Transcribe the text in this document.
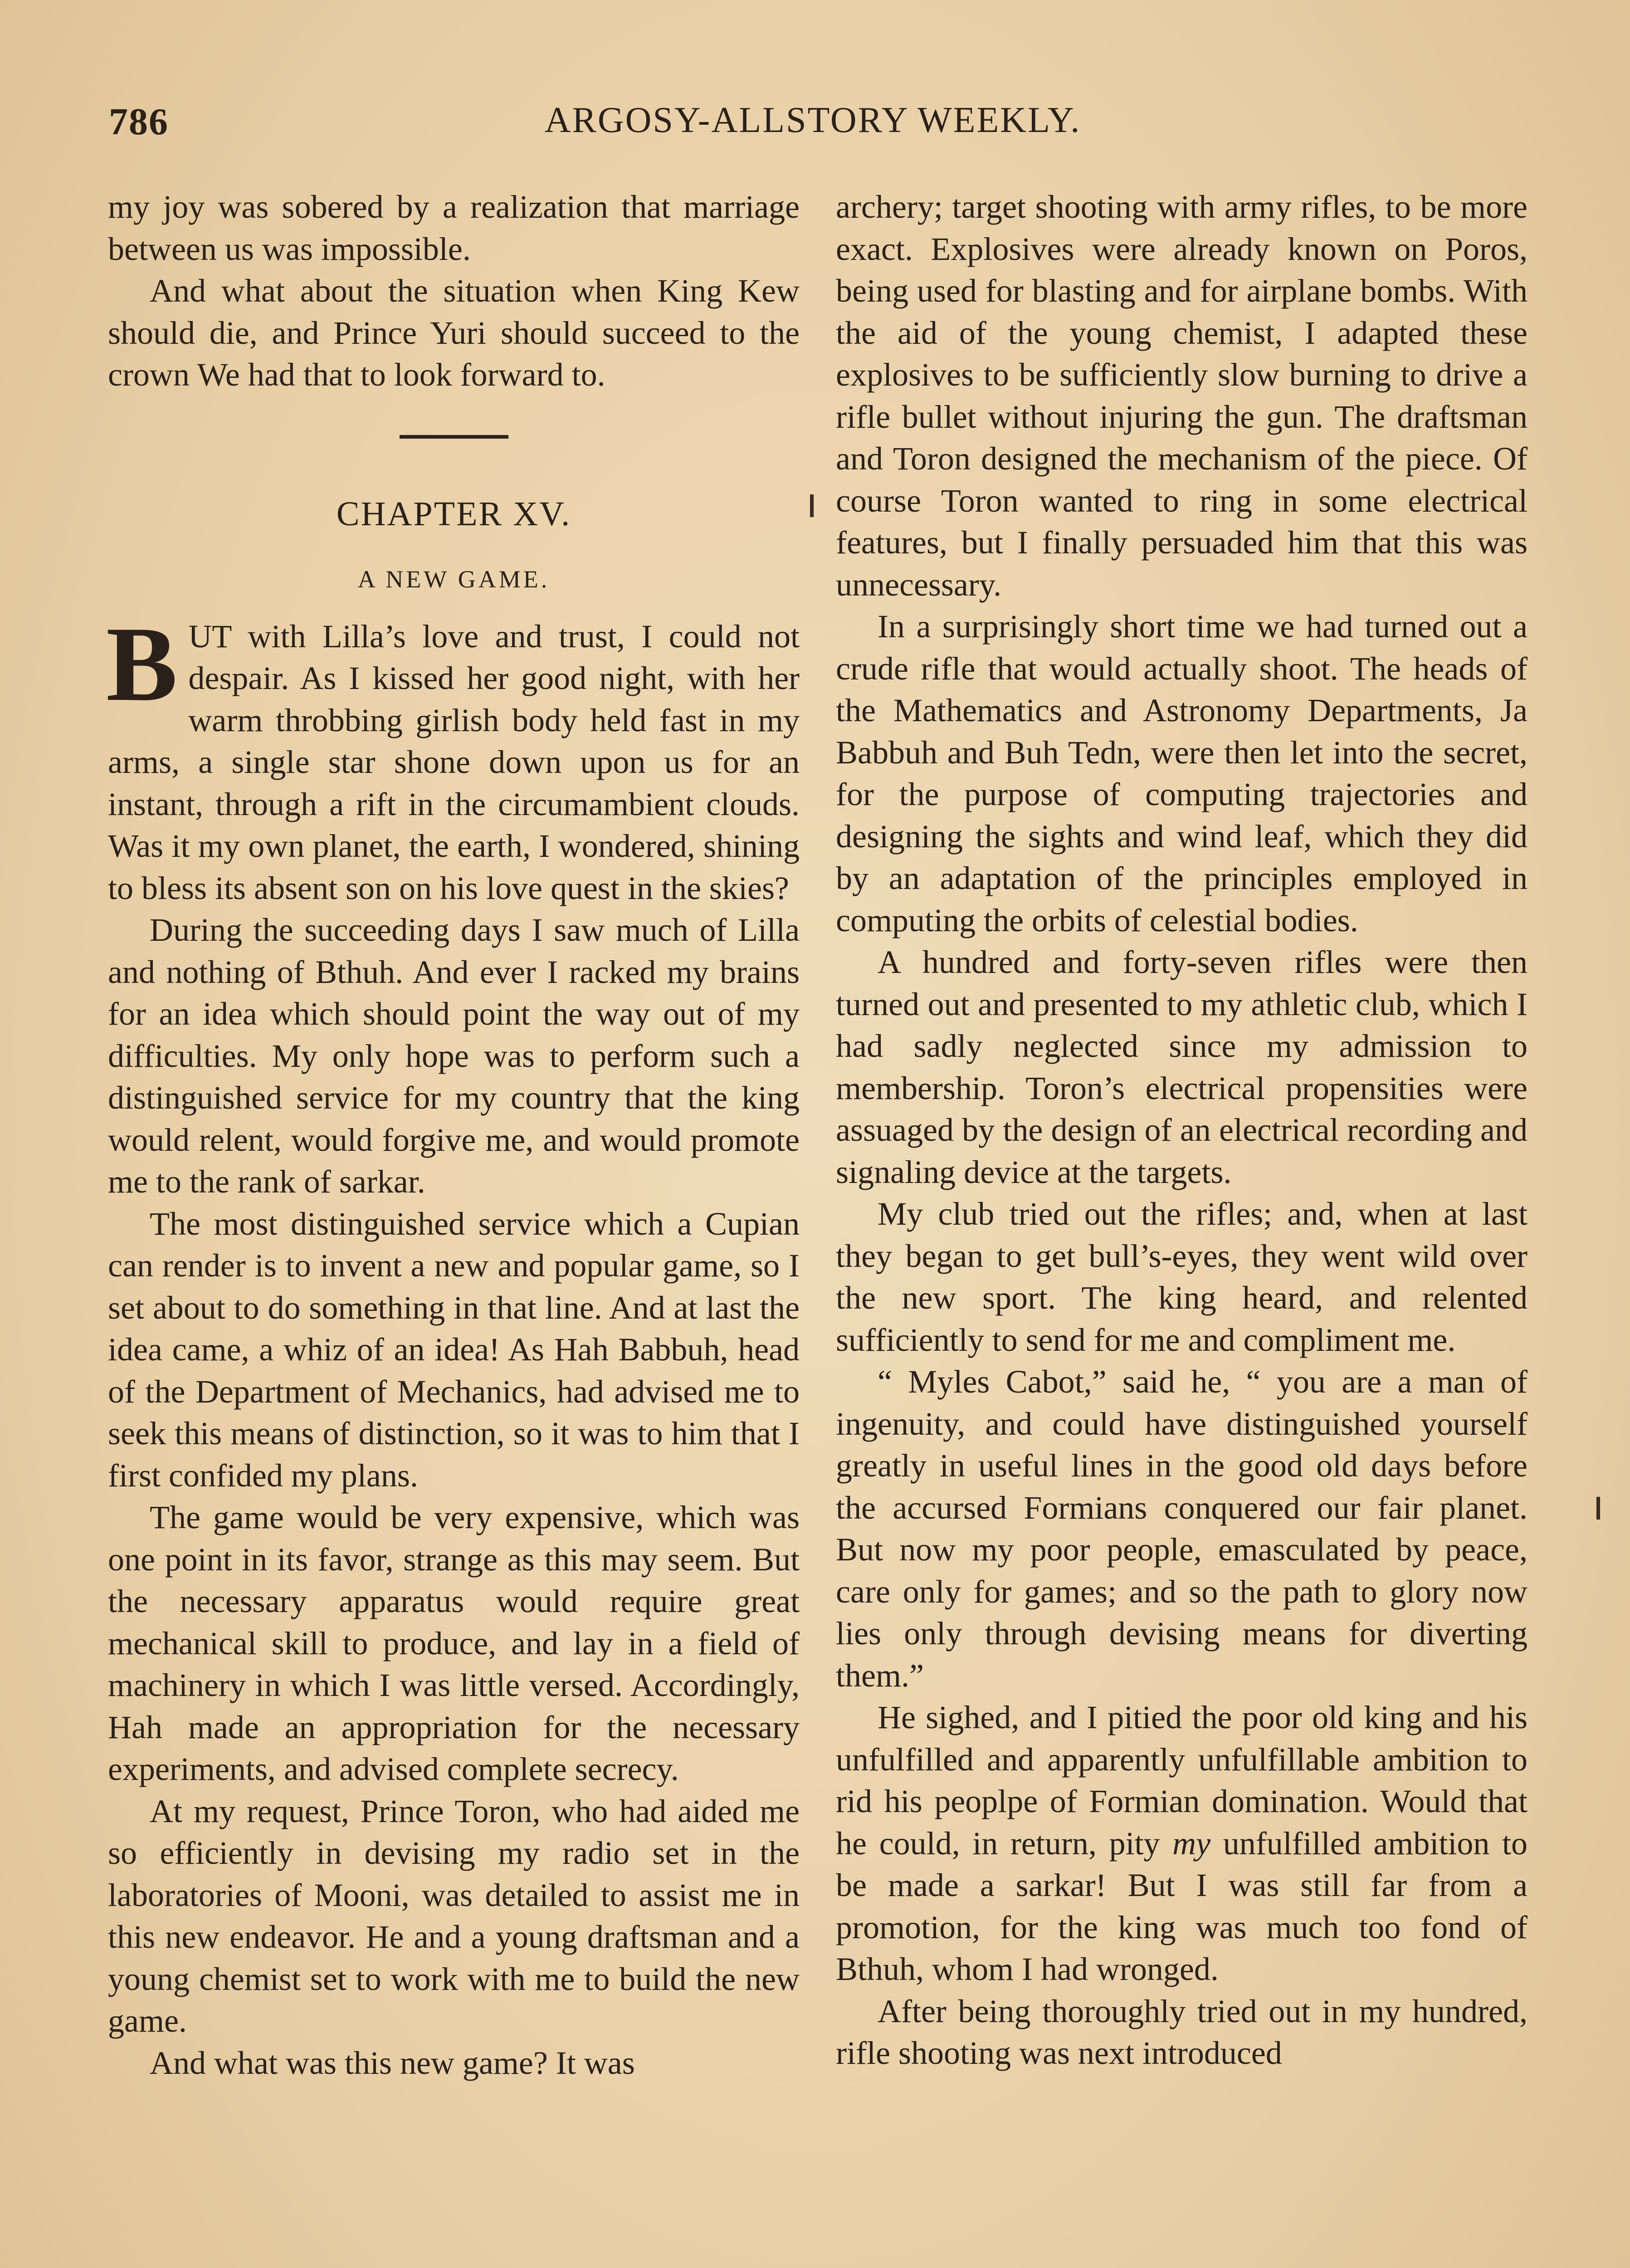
786	ARGOSY-ALLSTORY WEEKLY.

my joy was sobered by a realization that marriage between us was impossible.

And what about the situation when King Kew should die, and Prince Yuri should succeed to the crown We had that to look forward to.

CHAPTER XV.
A NEW GAME.

BUT with Lilla’s love and trust, I could not despair. As I kissed her good night, with her warm throbbing girlish body held fast in my arms, a single star shone down upon us for an instant, through a rift in the circumambient clouds. Was it my own planet, the earth, I wondered, shining to bless its absent son on his love quest in the skies?

During the succeeding days I saw much of Lilla and nothing of Bthuh. And ever I racked my brains for an idea which should point the way out of my difficulties. My only hope was to perform such a distinguished service for my country that the king would relent, would forgive me, and would promote me to the rank of sarkar.

The most distinguished service which a Cupian can render is to invent a new and popular game, so I set about to do something in that line. And at last the idea came, a whiz of an idea! As Hah Babbuh, head of the Department of Mechanics, had advised me to seek this means of distinction, so it was to him that I first confided my plans.

The game would be very expensive, which was one point in its favor, strange as this may seem. But the necessary apparatus would require great mechanical skill to produce, and lay in a field of machinery in which I was little versed. Accordingly, Hah made an appropriation for the necessary experiments, and advised complete secrecy.

At my request, Prince Toron, who had aided me so efficiently in devising my radio set in the laboratories of Mooni, was detailed to assist me in this new endeavor. He and a young draftsman and a young chemist set to work with me to build the new game.

And what was this new game? It was

archery; target shooting with army rifles, to be more exact. Explosives were already known on Poros, being used for blasting and for airplane bombs. With the aid of the young chemist, I adapted these explosives to be sufficiently slow burning to drive a rifle bullet without injuring the gun. The draftsman and Toron designed the mechanism of the piece. Of course Toron wanted to ring in some electrical features, but I finally persuaded him that this was unnecessary.

In a surprisingly short time we had turned out a crude rifle that would actually shoot. The heads of the Mathematics and Astronomy Departments, Ja Babbuh and Buh Tedn, were then let into the secret, for the purpose of computing trajectories and designing the sights and wind leaf, which they did by an adaptation of the principles employed in computing the orbits of celestial bodies.

A hundred and forty-seven rifles were then turned out and presented to my athletic club, which I had sadly neglected since my admission to membership. Toron’s electrical propensities were assuaged by the design of an electrical recording and signaling device at the targets.

My club tried out the rifles; and, when at last they began to get bull’s-eyes, they went wild over the new sport. The king heard, and relented sufficiently to send for me and compliment me.

“ Myles Cabot,” said he, “ you are a man of ingenuity, and could have distinguished yourself greatly in useful lines in the good old days before the accursed Formians conquered our fair planet. But now my poor people, emasculated by peace, care only for games; and so the path to glory now lies only through devising means for diverting them.”

He sighed, and I pitied the poor old king and his unfulfilled and apparently unfulfillable ambition to rid his peoplpe of Formian domination. Would that he could, in return, pity my unfulfilled ambition to be made a sarkar! But I was still far from a promotion, for the king was much too fond of Bthuh, whom I had wronged.

After being thoroughly tried out in my hundred, rifle shooting was next introduced
